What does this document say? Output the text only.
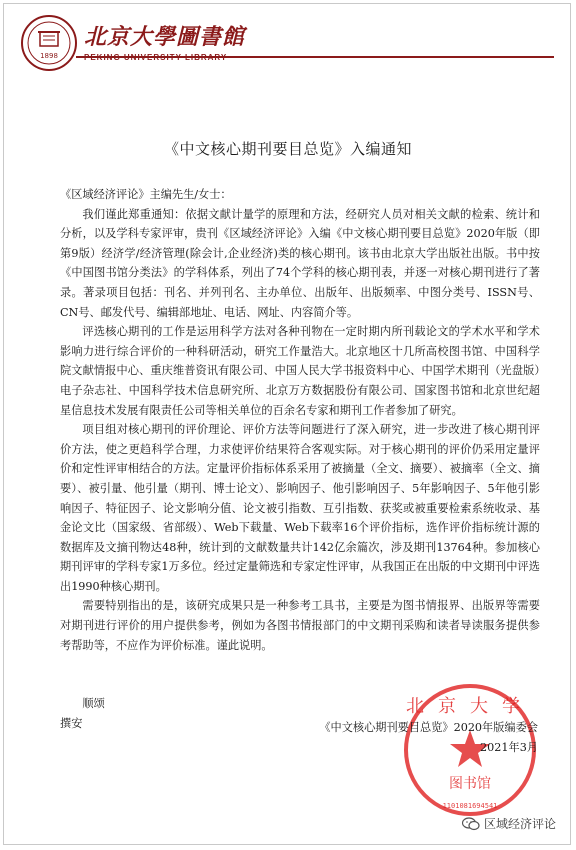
1898
北京大學圖書館
《中文核心期刊要目总览》入编通知

《区域经济评论》主编先生/女士：

我们谨此郑重通知：依据文献计量学的原理和方法，经研究人员对相关文献的检索、统计和分析，以及学科专家评审，贵刊《区域经济评论》入编《中文核心期刊要目总览》2020年版（即第9版）经济学/经济管理(除会计,企业经济)类的核心期刊。该书由北京大学出版社出版。书中按《中国图书馆分类法》的学科体系，列出了74个学科的核心期刊表，并逐一对核心期刊进行了著录。著录项目包括：刊名、并列刊名、主办单位、出版年、出版频率、中图分类号、ISSN号、CN号、邮发代号、编辑部地址、电话、网址、内容简介等。

评选核心期刊的工作是运用科学方法对各种刊物在一定时期内所刊载论文的学术水平和学术影响力进行综合评价的一种科研活动，研究工作量浩大。北京地区十几所高校图书馆、中国科学院文献情报中心、重庆维普资讯有限公司、中国人民大学书报资料中心、中国学术期刊（光盘版）电子杂志社、中国科学技术信息研究所、北京万方数据股份有限公司、国家图书馆和北京世纪超星信息技术发展有限责任公司等相关单位的百余名专家和期刊工作者参加了研究。

项目组对核心期刊的评价理论、评价方法等问题进行了深入研究，进一步改进了核心期刊评价方法，使之更趋科学合理，力求使评价结果符合客观实际。对于核心期刊的评价仍采用定量评价和定性评审相结合的方法。定量评价指标体系采用了被摘量（全文、摘要）、被摘率（全文、摘要）、被引量、他引量（期刊、博士论文）、影响因子、他引影响因子、5年影响因子、5年他引影响因子、特征因子、论文影响分值、论文被引指数、互引指数、获奖或被重要检索系统收录、基金论文比（国家级、省部级）、Web下载量、Web下载率16个评价指标，选作评价指标统计源的数据库及文摘刊物达48种，统计到的文献数量共计142亿余篇次，涉及期刊13764种。参加核心期刊评审的学科专家1万多位。经过定量筛选和专家定性评审，从我国正在出版的中文期刊中评选出1990种核心期刊。

需要特别指出的是，该研究成果只是一种参考工具书，主要是为图书情报界、出版界等需要对期刊进行评价的用户提供参考，例如为各图书情报部门的中文期刊采购和读者导读服务提供参考帮助等，不应作为评价标准。谨此说明。

顺颂
撰安
北京大学
图书馆
1101081694541
《中文核心期刊要目总览》2020年版编委会
2021年3月
区域经济评论
